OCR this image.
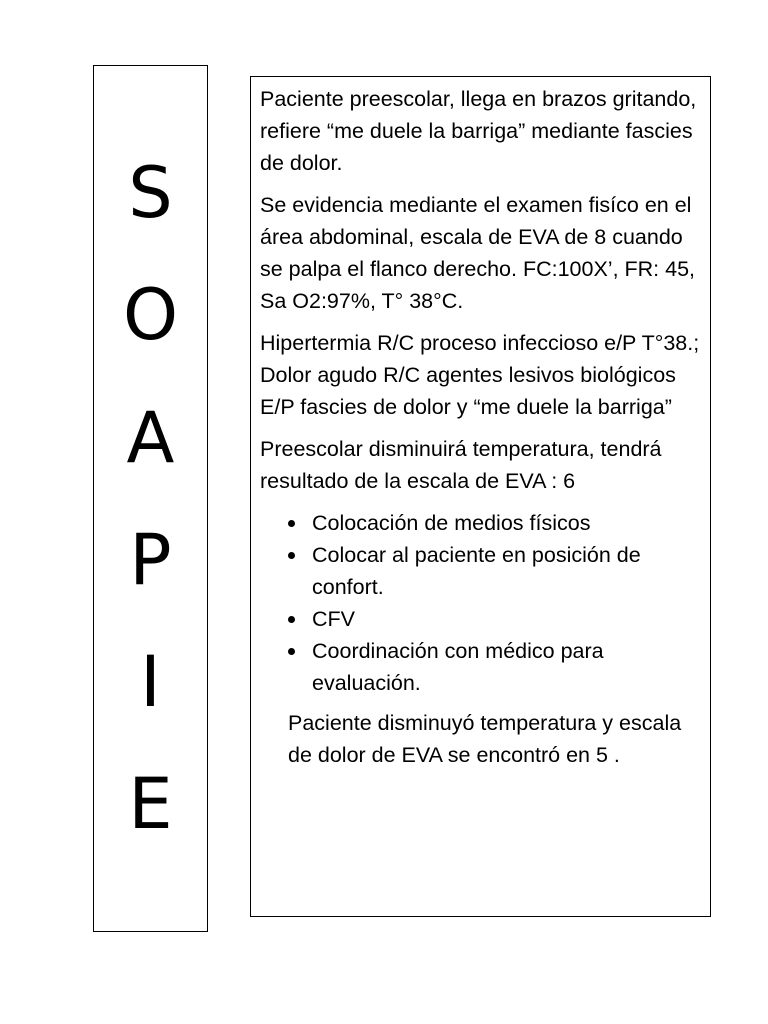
S
O
A
P
I
E

Paciente preescolar, llega en brazos gritando, refiere “me duele la barriga” mediante fascies de dolor.

Se evidencia mediante el examen fisíco en el área abdominal, escala de EVA de 8 cuando se palpa el flanco derecho. FC:100X’, FR: 45, Sa O2:97%, T° 38°C.

Hipertermia R/C proceso infeccioso e/P T°38.; Dolor agudo R/C agentes lesivos biológicos E/P fascies de dolor y “me duele la barriga”

Preescolar disminuirá temperatura, tendrá resultado de la escala de EVA : 6

Colocación de medios físicos
Colocar al paciente en posición de confort.
CFV
Coordinación con médico para evaluación.

Paciente disminuyó temperatura y escala de dolor de EVA se encontró en 5 .
